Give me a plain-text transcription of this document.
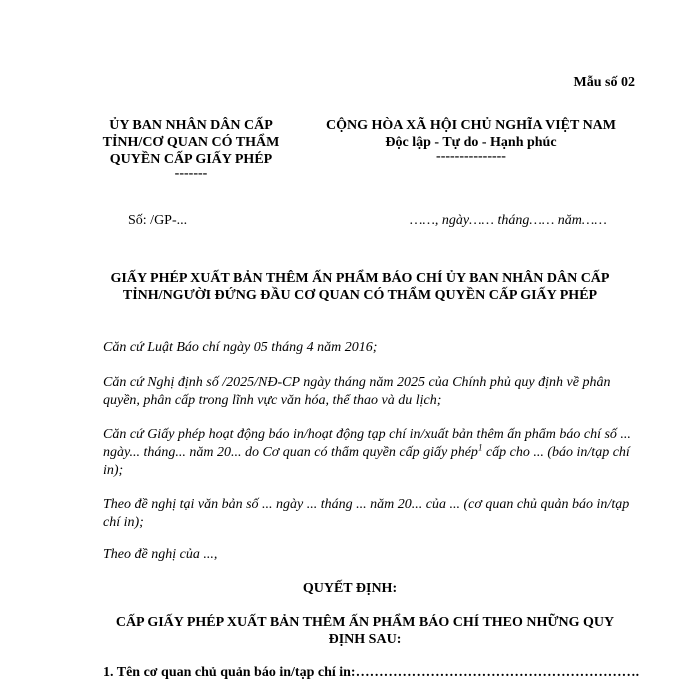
Mẫu số 02
ỦY BAN NHÂN DÂN CẤP TỈNH/CƠ QUAN CÓ THẨM QUYỀN CẤP GIẤY PHÉP
-------
CỘNG HÒA XÃ HỘI CHỦ NGHĨA VIỆT NAM
Độc lập - Tự do - Hạnh phúc
---------------
Số: /GP-...	……, ngày…… tháng…… năm……
GIẤY PHÉP XUẤT BẢN THÊM ẤN PHẨM BÁO CHÍ ỦY BAN NHÂN DÂN CẤP TỈNH/NGƯỜI ĐỨNG ĐẦU CƠ QUAN CÓ THẨM QUYỀN CẤP GIẤY PHÉP
Căn cứ Luật Báo chí ngày 05 tháng 4 năm 2016;
Căn cứ Nghị định số /2025/NĐ-CP ngày tháng năm 2025 của Chính phủ quy định về phân quyền, phân cấp trong lĩnh vực văn hóa, thể thao và du lịch;
Căn cứ Giấy phép hoạt động báo in/hoạt động tạp chí in/xuất bản thêm ấn phẩm báo chí số ... ngày... tháng... năm 20... do Cơ quan có thẩm quyền cấp giấy phép$^1$ cấp cho ... (báo in/tạp chí in);
Theo đề nghị tại văn bản số ... ngày ... tháng ... năm 20... của ... (cơ quan chủ quản báo in/tạp chí in);
Theo đề nghị của ...,
QUYẾT ĐỊNH:
CẤP GIẤY PHÉP XUẤT BẢN THÊM ẤN PHẨM BÁO CHÍ THEO NHỮNG QUY ĐỊNH SAU:
1. Tên cơ quan chủ quản báo in/tạp chí in:…………………………………………………….
